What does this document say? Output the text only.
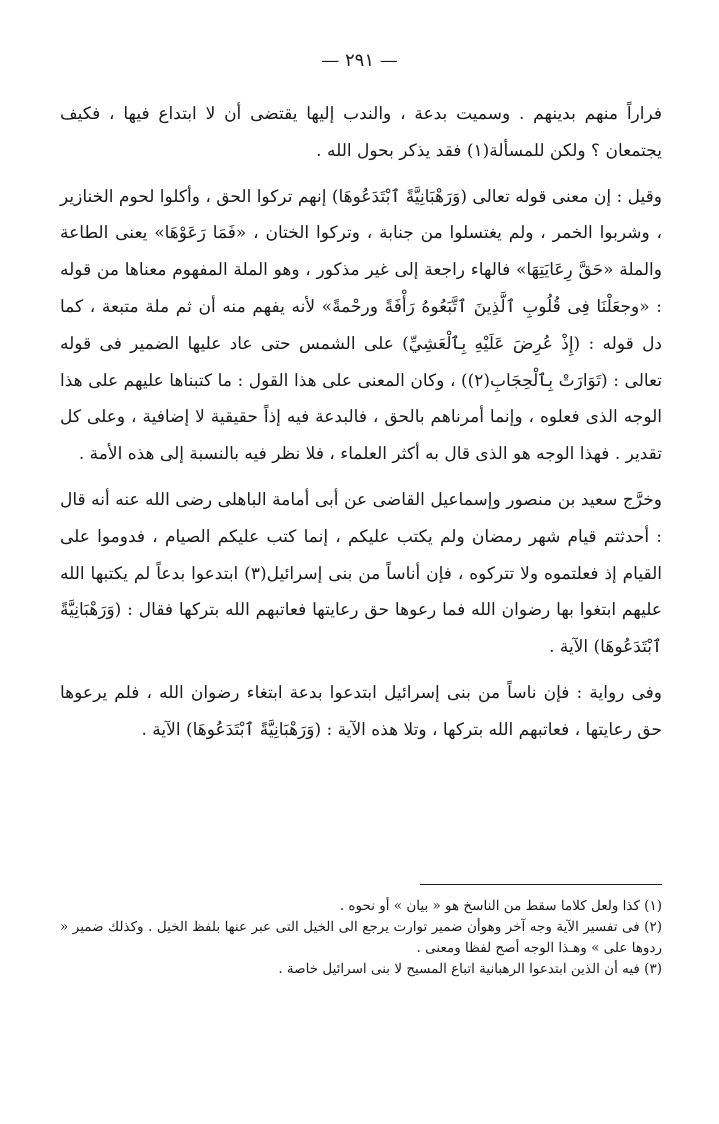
— ٢٩١ —

فراراً منهم بدينهم . وسميت بدعة ، والندب إليها يقتضى أن لا ابتداع فيها ، فكيف يجتمعان ؟ ولكن للمسألة(١) فقد يذكر بحول الله .

وقيل : إن معنى قوله تعالى (وَرَهْبَانِيَّةً ٱبْتَدَعُوهَا) إنهم تركوا الحق ، وأكلوا لحوم الخنازير ، وشربوا الخمر ، ولم يغتسلوا من جنابة ، وتركوا الختان ، «فَمَا رَعَوْهَا» يعنى الطاعة والملة «حَقَّ رِعَايَتِهَا» فالهاء راجعة إلى غير مذكور ، وهو الملة المفهوم معناها من قوله : «وجعَلْنَا فِى قُلُوبِ ٱلَّذِينَ ٱتَّبَعُوهُ رَأْفَةً ورحْمةً» لأنه يفهم منه أن ثم ملة متبعة ، كما دل قوله : (إِذْ عُرِضَ عَلَيْهِ بِٱلْعَشِيِّ) على الشمس حتى عاد عليها الضمير فى قوله تعالى : (تَوَارَتْ بِٱلْحِجَابِ(٢)) ، وكان المعنى على هذا القول : ما كتبناها عليهم على هذا الوجه الذى فعلوه ، وإنما أمرناهم بالحق ، فالبدعة فيه إذاً حقيقية لا إضافية ، وعلى كل تقدير . فهذا الوجه هو الذى قال به أكثر العلماء ، فلا نظر فيه بالنسبة إلى هذه الأمة .

وخرَّج سعيد بن منصور وإسماعيل القاضى عن أبى أمامة الباهلى رضى الله عنه أنه قال : أحدثتم قيام شهر رمضان ولم يكتب عليكم ، إنما كتب عليكم الصيام ، فدوموا على القيام إذ فعلتموه ولا تتركوه ، فإن أناساً من بنى إسرائيل(٣) ابتدعوا بدعاً لم يكتبها الله عليهم ابتغوا بها رضوان الله فما رعوها حق رعايتها فعاتبهم الله بتركها فقال : (وَرَهْبَانِيَّةً ٱبْتَدَعُوهَا) الآية .

وفى رواية : فإن ناساً من بنى إسرائيل ابتدعوا بدعة ابتغاء رضوان الله ، فلم يرعوها حق رعايتها ، فعاتبهم الله بتركها ، وتلا هذه الآية : (وَرَهْبَانِيَّةً ٱبْتَدَعُوهَا) الآية .

(١) كذا ولعل كلاما سقط من الناسخ هو « بيان » أو نحوه .

(٢) فى تفسير الآية وجه آخر وهوأن ضمير توارت يرجع الى الخيل التى عبر عنها بلفظ الخيل . وكذلك ضمير « ردوها على » وهـذا الوجه أصح لفظا ومعنى .

(٣) فيه أن الذين ابتدعوا الرهبانية اتباع المسيح لا بنى اسرائيل خاصة .
